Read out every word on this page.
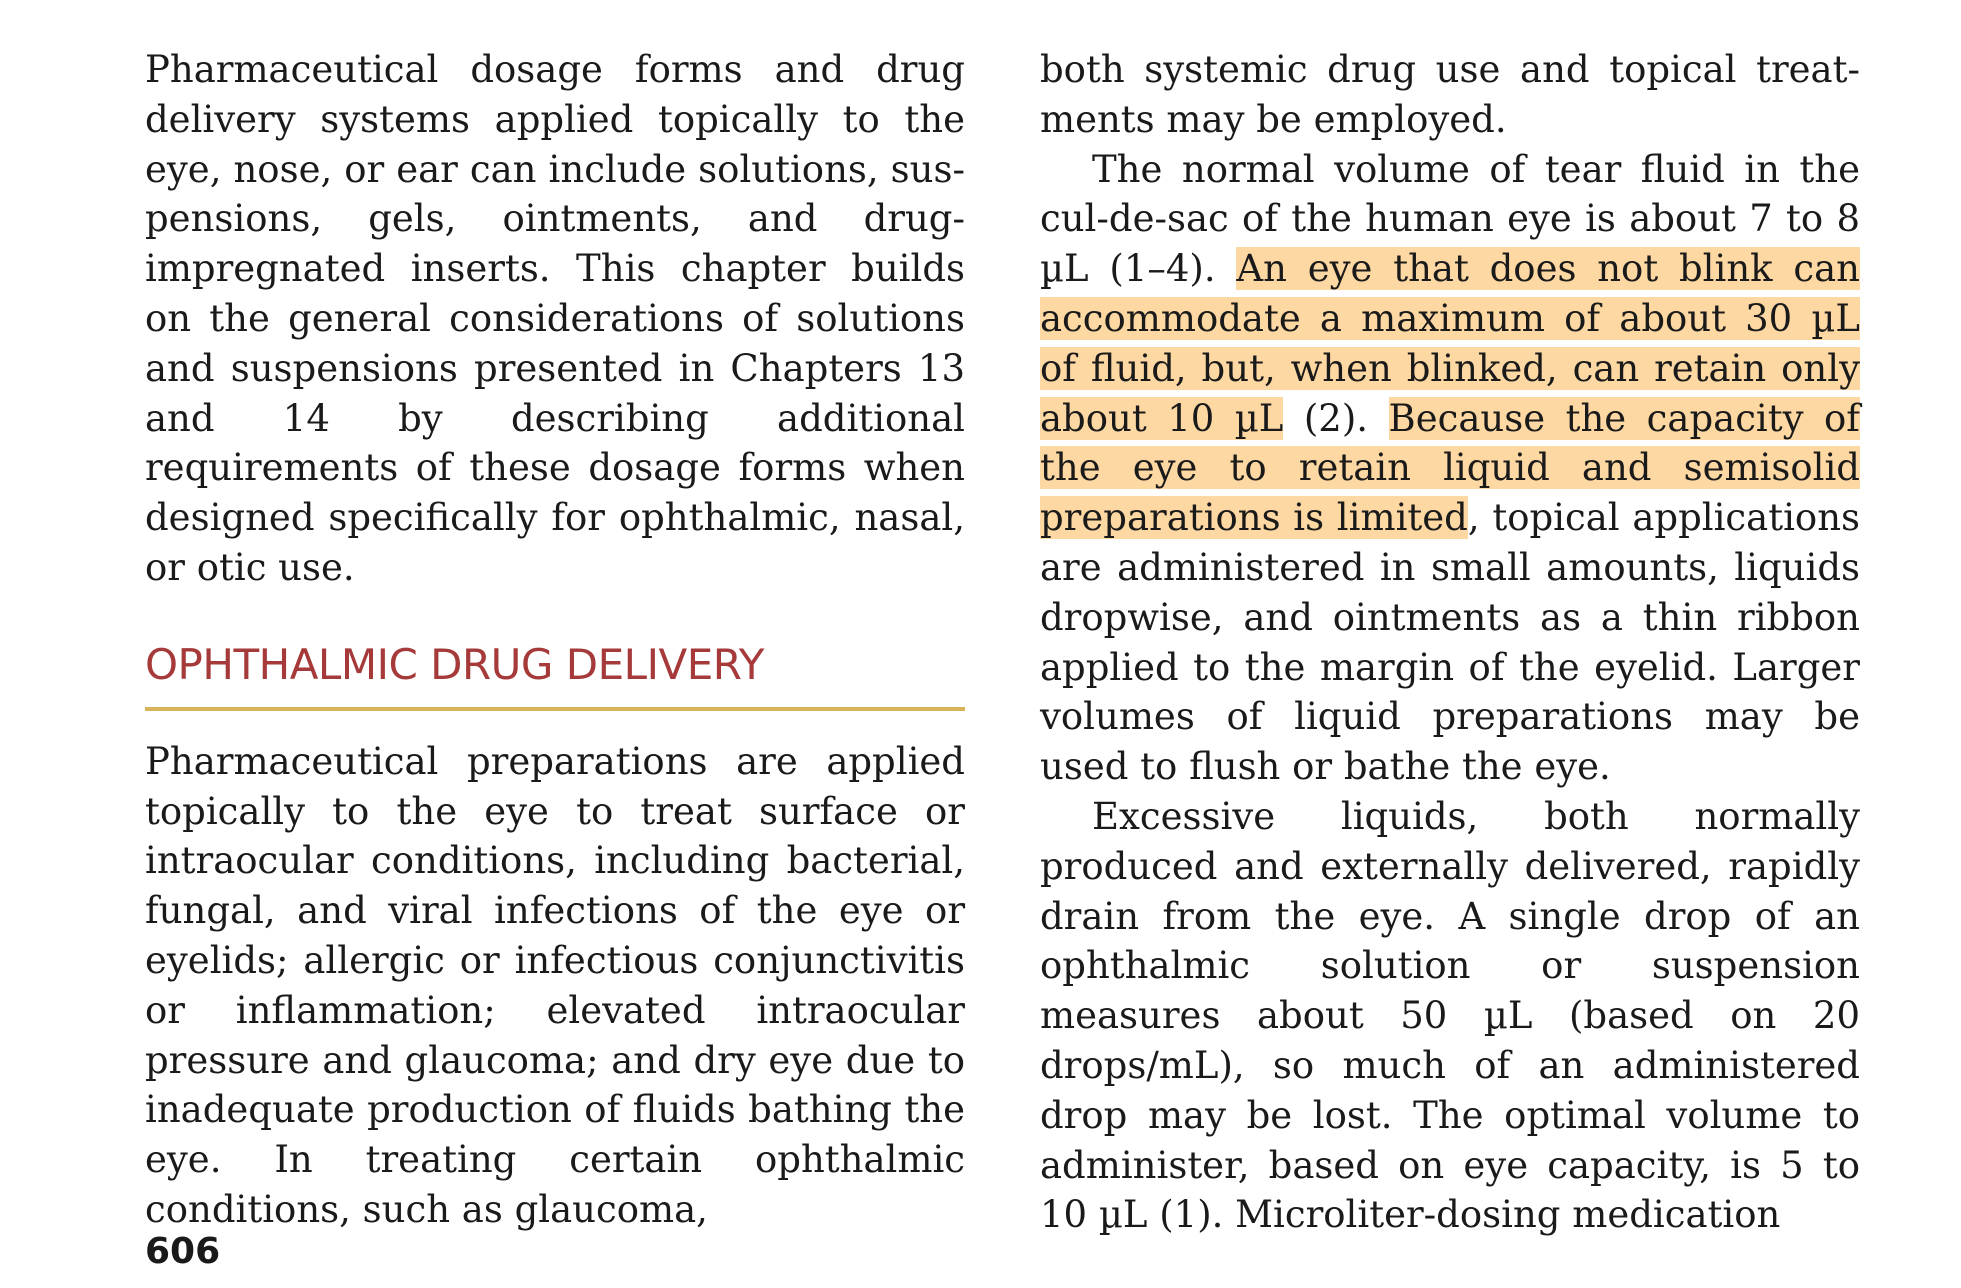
Pharmaceutical dosage forms and drug delivery systems applied topically to the eye, nose, or ear can include solutions, suspensions, gels, ointments, and drug-impregnated inserts. This chapter builds on the general considerations of solutions and suspensions presented in Chapters 13 and 14 by describing additional requirements of these dosage forms when designed specifically for ophthalmic, nasal, or otic use.

OPHTHALMIC DRUG DELIVERY

Pharmaceutical preparations are applied topically to the eye to treat surface or intraocular conditions, including bacterial, fungal, and viral infections of the eye or eyelids; allergic or infectious conjunctivitis or inflammation; elevated intraocular pressure and glaucoma; and dry eye due to inadequate production of fluids bathing the eye. In treating certain ophthalmic conditions, such as glaucoma,

both systemic drug use and topical treatments may be employed.

The normal volume of tear fluid in the cul-de-sac of the human eye is about 7 to 8 µL (1–4). An eye that does not blink can accommodate a maximum of about 30 µL of fluid, but, when blinked, can retain only about 10 µL (2). Because the capacity of the eye to retain liquid and semisolid preparations is limited, topical applications are administered in small amounts, liquids dropwise, and ointments as a thin ribbon applied to the margin of the eyelid. Larger volumes of liquid preparations may be used to flush or bathe the eye.

Excessive liquids, both normally produced and externally delivered, rapidly drain from the eye. A single drop of an ophthalmic solution or suspension measures about 50 µL (based on 20 drops/mL), so much of an administered drop may be lost. The optimal volume to administer, based on eye capacity, is 5 to 10 µL (1). Microliter-dosing medication

606
